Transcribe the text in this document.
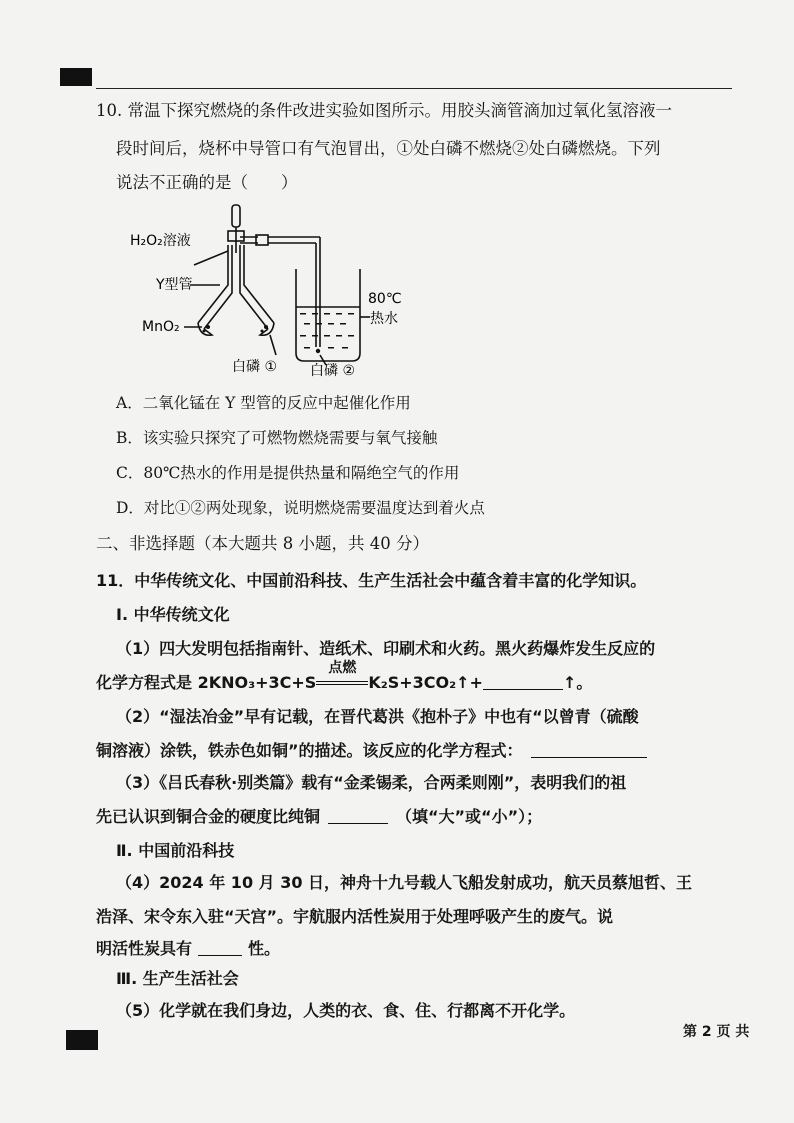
10. 常温下探究燃烧的条件改进实验如图所示。用胶头滴管滴加过氧化氢溶液一
段时间后，烧杯中导管口有气泡冒出，①处白磷不燃烧②处白磷燃烧。下列
说法不正确的是（　　）
H₂O₂溶液
Y型管
MnO₂
80℃
热水
白磷 ① 白磷 ②
A．二氧化锰在 Y 型管的反应中起催化作用
B．该实验只探究了可燃物燃烧需要与氧气接触
C．80℃热水的作用是提供热量和隔绝空气的作用
D．对比①②两处现象，说明燃烧需要温度达到着火点
二、非选择题（本大题共 8 小题，共 40 分）
11．中华传统文化、中国前沿科技、生产生活社会中蕴含着丰富的化学知识。
Ⅰ. 中华传统文化
（1）四大发明包括指南针、造纸术、印刷术和火药。黑火药爆炸发生反应的
化学方程式是 2KNO₃+3C+S
点燃
K₂S+3CO₂↑+	↑。
（2）“湿法冶金”早有记载，在晋代葛洪《抱朴子》中也有“以曾青（硫酸
铜溶液）涂铁，铁赤色如铜”的描述。该反应的化学方程式：
（3）《吕氏春秋·别类篇》载有“金柔锡柔，合两柔则刚”，表明我们的祖
先已认识到铜合金的硬度比纯铜	（填“大”或“小”）；
Ⅱ. 中国前沿科技
（4）2024 年 10 月 30 日，神舟十九号载人飞船发射成功，航天员蔡旭哲、王
浩泽、宋令东入驻“天宫”。宇航服内活性炭用于处理呼吸产生的废气。说
明活性炭具有	性。
Ⅲ. 生产生活社会
（5）化学就在我们身边，人类的衣、食、住、行都离不开化学。
第 2 页 共
